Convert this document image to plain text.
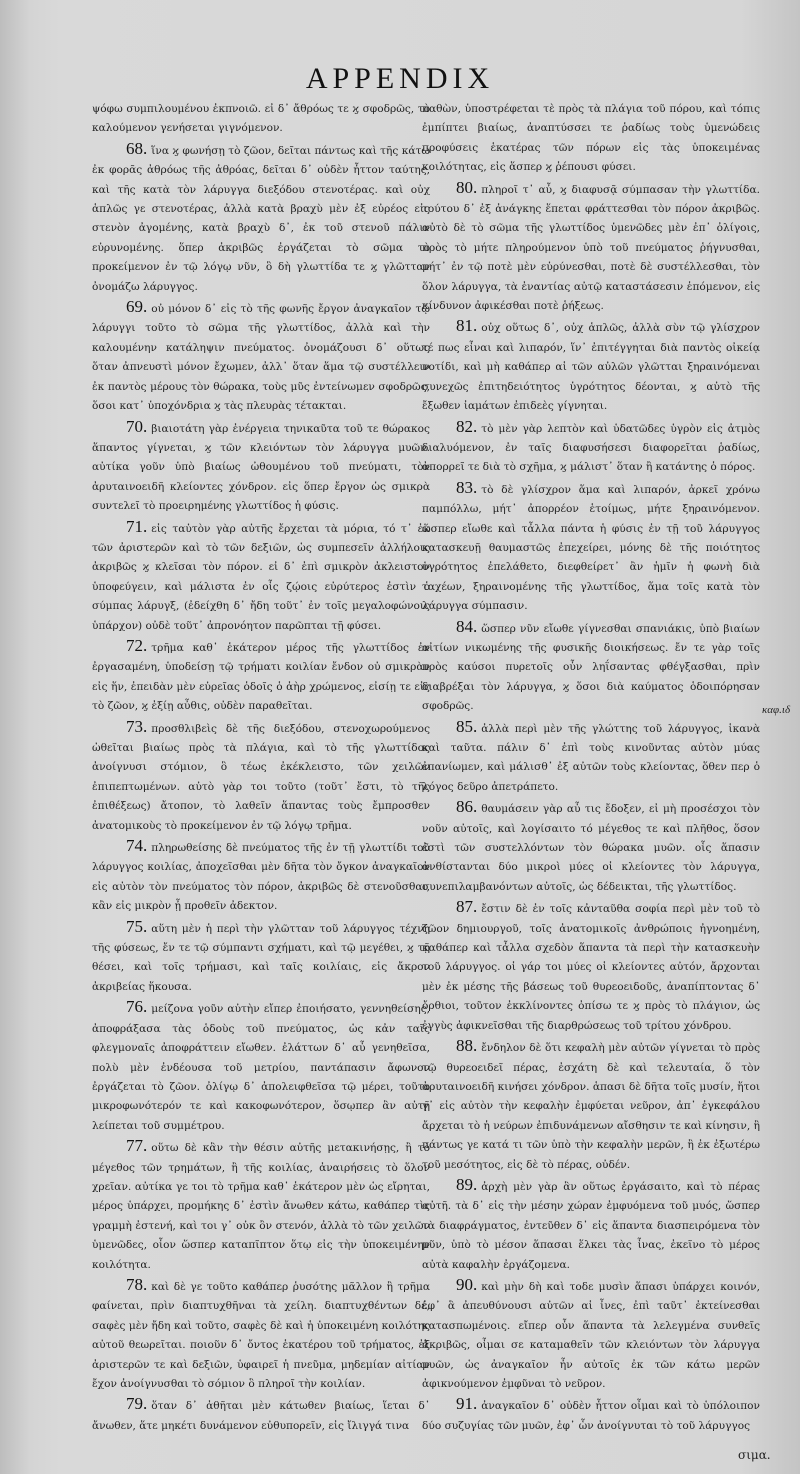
APPENDIX

ψόφω συμπιλουμένου ἐκπνοιῶ. εἰ δ᾽ ἄθρόως τε ϗ σφοδρῶς, τὸ καλούμενον γενήσεται γιγνόμενον.

68. ἵνα ϗ φωνήσῃ τὸ ζῶον, δεῖται πάντως καὶ τῆς κάτω ἐκ φορᾶς ἀθρόως τῆς ἀθρόας, δεῖται δ᾽ οὐδὲν ἧττον ταύτης, καὶ τῆς κατὰ τὸν λάρυγγα διεξόδου στενοτέρας. καὶ οὐχ ἁπλῶς γε στενοτέρας, ἀλλὰ κατὰ βραχὺ μὲν ἐξ εὐρέος εἰς στενὸν ἀγομένης, κατὰ βραχὺ δ᾽, ἐκ τοῦ στενοῦ πάλιν εὐρυνομένης. ὅπερ ἀκριβῶς ἐργάζεται τὸ σῶμα τὸ προκείμενον ἐν τῷ λόγῳ νῦν, ὃ δὴ γλωττίδα τε ϗ γλῶτταν ὀνομάζω λάρυγγος.

69. οὐ μόνον δ᾽ εἰς τὸ τῆς φωνῆς ἔργον ἀναγκαῖον τῷ λάρυγγι τοῦτο τὸ σῶμα τῆς γλωττίδος, ἀλλὰ καὶ τὴν καλουμένην κατάληψιν πνεύματος. ὀνομάζουσι δ᾽ οὕτως ὅταν ἀπνευστὶ μόνον ἔχωμεν, ἀλλ᾽ ὅταν ἅμα τῷ συστέλλειν ἐκ παντὸς μέρους τὸν θώρακα, τοὺς μῦς ἐντείνωμεν σφοδρῶς, ὅσοι κατ᾽ ὑποχόνδρια ϗ τὰς πλευρὰς τέτακται.

70. βιαιοτάτη γὰρ ἐνέργεια τηνικαῦτα τοῦ τε θώρακος ἅπαντος γίγνεται, ϗ τῶν κλειόντων τὸν λάρυγγα μυῶν. αὐτίκα γοῦν ὑπὸ βιαίως ὠθουμένου τοῦ πνεύματι, τὸν ἀρυταινοειδῆ κλείοντες χόνδρον. εἰς ὅπερ ἔργον ὡς σμικρὰ συντελεῖ τὸ προειρημένης γλωττίδος ἡ φύσις.

71. εἰς ταὐτὸν γὰρ αὐτῆς ἔρχεται τὰ μόρια, τό τ᾽ ἐκ τῶν ἀριστερῶν καὶ τὸ τῶν δεξιῶν, ὡς συμπεσεῖν ἀλλήλοις ἀκριβῶς ϗ κλεῖσαι τὸν πόρον. εἰ δ᾽ ἐπὶ σμικρὸν ἀκλειστον ὑποφεύγειν, καὶ μάλιστα ἐν οἷς ζῴοις εὐρύτερος ἐστὶν ὁ σύμπας λάρυγξ, (ἐδείχθη δ᾽ ἤδη τοῦτ᾽ ἐν τοῖς μεγαλοφώνοις ὑπάρχον) οὐδὲ τοῦτ᾽ ἀπρονόητον παρῶπται τῇ φύσει.

72. τρῆμα καθ᾽ ἑκάτερον μέρος τῆς γλωττίδος ἐν ἐργασαμένη, ὑποδείσῃ τῷ τρήματι κοιλίαν ἔνδον οὐ σμικρὰν εἰς ἥν, ἐπειδὰν μὲν εὐρεῖας ὁδοῖς ὁ ἀὴρ χρώμενος, εἰσίῃ τε εἰς τὸ ζῶον, ϗ ἐξίῃ αὖθις, οὐδὲν παραθεῖται.

73. προσθλιβεὶς δὲ τῆς διεξόδου, στενοχωρούμενος ὠθεῖται βιαίως πρὸς τὰ πλάγια, καὶ τὸ τῆς γλωττίδος ἀνοίγνυσι στόμιον, ὃ τέως ἐκέκλειστο, τῶν χειλῶν ἐπιπεπτωμένων. αὐτὸ γὰρ τοι τοῦτο (τοῦτ᾽ ἔστι, τὸ τῆς ἐπιθέξεως) ἄτοπον, τὸ λαθεῖν ἅπαντας τοὺς ἔμπροσθεν ἀνατομικοὺς τὸ προκείμενον ἐν τῷ λόγῳ τρῆμα.

74. πληρωθείσης δὲ πνεύματος τῆς ἐν τῇ γλωττίδι τοῦ λάρυγγος κοιλίας, ἀποχεῖσθαι μὲν δῆτα τὸν ὄγκον ἀναγκαῖον εἰς αὐτὸν τὸν πνεύματος τὸν πόρον, ἀκριβῶς δὲ στενοῦσθαι, κἂν εἰς μικρὸν ᾖ προθεῖν ἀδεκτον.

75. αὕτη μὲν ἡ περὶ τὴν γλῶτταν τοῦ λάρυγγος τέχνη τῆς φύσεως, ἔν τε τῷ σύμπαντι σχήματι, καὶ τῷ μεγέθει, ϗ τῇ θέσει, καὶ τοῖς τρήμασι, καὶ ταῖς κοιλίαις, εἰς ἄκρον ἀκριβείας ἥκουσα.

76. μείζονα γοῦν αὐτὴν εἴπερ ἐποιήσατο, γεννηθείσης, ἀποφράξασα τὰς ὁδοὺς τοῦ πνεύματος, ὡς κἀν ταῖς φλεγμοναῖς ἀποφράττειν εἴωθεν. ἐλάττων δ᾽ αὖ γενηθεῖσα, πολὺ μὲν ἐνδέουσα τοῦ μετρίου, παντάπασιν ἄφωνον ἐργάζεται τὸ ζῶον. ὀλίγῳ δ᾽ ἀπολειφθεῖσα τῷ μέρει, τοῦτο μικροφωνότερόν τε καὶ κακοφωνότερον, ὅσῳπερ ἂν αὐτῇ λείπεται τοῦ συμμέτρου.

77. οὕτω δὲ κἂν τὴν θέσιν αὐτῆς μετακινήσῃς, ἢ τὸ μέγεθος τῶν τρημάτων, ἢ τῆς κοιλίας, ἀναιρήσεις τὸ ὅλον χρεῖαν. αὐτίκα γε τοι τὸ τρῆμα καθ᾽ ἑκάτερον μὲν ὡς εἴρηται, μέρος ὑπάρχει, προμήκης δ᾽ ἐστὶν ἄνωθεν κάτω, καθάπερ τὶς γραμμὴ ἐστενή, καὶ τοι γ᾽ οὐκ ὂν στενόν, ἀλλὰ τὸ τῶν χειλῶν ὑμενῶδες, οἷον ὥσπερ καταπῖπτον ὅτῳ εἰς τὴν ὑποκειμένην κοιλότητα.

78. καὶ δὲ γε τοῦτο καθάπερ ῥυσότης μᾶλλον ἢ τρῆμα φαίνεται, πρὶν διαπτυχθῆναι τὰ χείλη. διαπτυχθέντων δέ, σαφὲς μὲν ἤδη καὶ τοῦτο, σαφὲς δὲ καὶ ἡ ὑποκειμένη κοιλότης αὐτοῦ θεωρεῖται. ποιοῦν δ᾽ ὄντος ἑκατέρου τοῦ τρήματος, ἐξ ἀριστερῶν τε καὶ δεξιῶν, ὑφαιρεῖ ἡ πνεῦμα, μηδεμίαν αἰτίαν ἔχον ἀνοίγνυσθαι τὸ σόμιον ὃ πληροῖ τὴν κοιλίαν.

79. ὅταν δ᾽ ἀθῆται μὲν κάτωθεν βιαίως, ἵεται δ᾽ ἄνωθεν, ἅτε μηκέτι δυνάμενον εὐθυπορεῖν, εἰς ἴλιγγά τινα

παθὼν, ὑποστρέφεται τὲ πρὸς τὰ πλάγια τοῦ πόρου, καὶ τόπις ἐμπίπτει βιαίως, ἀναπτύσσει τε ῥαδίως τοὺς ὑμενώδεις προφύσεις ἑκατέρας τῶν πόρων εἰς τὰς ὑποκειμένας κοιλότητας, εἰς ἅσπερ ϗ ῥέπουσι φύσει.

80. πληροῖ τ᾽ αὖ, ϗ διαφυσᾷ σύμπασαν τὴν γλωττίδα. τούτου δ᾽ ἐξ ἀνάγκης ἕπεται φράττεσθαι τὸν πόρον ἀκριβῶς. αὐτὸ δὲ τὸ σῶμα τῆς γλωττίδος ὑμενῶδες μὲν ἐπ᾽ ὀλίγοις, πρὸς τὸ μήτε πληρούμενον ὑπὸ τοῦ πνεύματος ῥήγνυσθαι, μήτ᾽ ἐν τῷ ποτὲ μὲν εὐρύνεσθαι, ποτὲ δὲ συστέλλεσθαι, τὸν ὅλον λάρυγγα, τὰ ἐναντίας αὐτῷ καταστάσεσιν ἑπόμενον, εἰς κίνδυνον ἀφικέσθαι ποτὲ ῥήξεως.

81. οὐχ οὕτως δ᾽, οὐχ ἁπλῶς, ἀλλὰ σὺν τῷ γλίσχρον τέ πως εἶναι καὶ λιπαρόν, ἵν᾽ ἐπιτέγγηται διὰ παντὸς οἰκείᾳ νοτίδι, καὶ μὴ καθάπερ αἱ τῶν αὐλῶν γλῶτται ξηραινόμεναι συνεχῶς ἐπιτηδειότητος ὑγρότητος δέονται, ϗ αὐτὸ τῆς ἔξωθεν ἰαμάτων ἐπιδεὲς γίγνηται.

82. τὸ μὲν γὰρ λεπτὸν καὶ ὑδατῶδες ὑγρὸν εἰς ἀτμὸς διαλυόμενον, ἐν ταῖς διαφυσήσεσι διαφορεῖται ῥαδίως, ἀπορρεῖ τε διὰ τὸ σχῆμα, ϗ μάλιστ᾽ ὅταν ἢ κατάντης ὁ πόρος.

83. τὸ δὲ γλίσχρον ἅμα καὶ λιπαρόν, ἀρκεῖ χρόνω παμπόλλω, μήτ᾽ ἀπορρέον ἑτοίμως, μήτε ξηραινόμενον. ὥσπερ εἴωθε καὶ τἆλλα πάντα ἡ φύσις ἐν τῇ τοῦ λάρυγγος κατασκευῇ θαυμαστῶς ἐπεχείρει, μόνης δὲ τῆς ποιότητος ὑγρότητος ἐπελάθετο, διεφθείρετ᾽ ἂν ἡμῖν ἡ φωνὴ διὰ ταχέων, ξηραινομένης τῆς γλωττίδος, ἅμα τοῖς κατὰ τὸν λάρυγγα σύμπασιν.

84. ὥσπερ νῦν εἴωθε γίγνεσθαι σπανιάκις, ὑπὸ βιαίων αἰτίων νικωμένης τῆς φυσικῆς διοικήσεως. ἔν τε γὰρ τοῖς πρὸς καύσοι πυρετοῖς οὖν ληΐσαντας φθέγξασθαι, πρὶν διαβρέξαι τὸν λάρυγγα, ϗ ὅσοι διὰ καύματος ὁδοιπόρησαν σφοδρῶς.

85. ἀλλὰ περὶ μὲν τῆς γλώττης τοῦ λάρυγγος, ἱκανὰ καὶ ταῦτα. πάλιν δ᾽ ἐπὶ τοὺς κινοῦντας αὐτὸν μύας ἐπανίωμεν, καὶ μάλισθ᾽ ἐξ αὐτῶν τοὺς κλείοντας, ὅθεν περ ὁ λόγος δεῦρο ἀπετράπετο.

86. θαυμάσειν γὰρ αὖ τις ἔδοξεν, εἰ μὴ προσέσχοι τὸν νοῦν αὐτοῖς, καὶ λογίσαιτο τό μέγεθος τε καὶ πλῆθος, ὅσον ἐστὶ τῶν συστελλόντων τὸν θώρακα μυῶν. οἷς ἅπασιν ἀνθίστανται δύο μικροὶ μύες οἱ κλείοντες τὸν λάρυγγα, συνεπιλαμβανόντων αὐτοῖς, ὡς δέδεικται, τῆς γλωττίδος.

87. ἔστιν δὲ ἐν τοῖς κἀνταῦθα σοφία περὶ μὲν τοῦ τὸ ζῶον δημιουργοῦ, τοῖς ἀνατομικοῖς ἀνθρώποις ἠγνοημένη, καθάπερ καὶ τἆλλα σχεδὸν ἅπαντα τὰ περὶ τὴν κατασκευὴν τοῦ λάρυγγος. οἱ γάρ τοι μύες οἱ κλείοντες αὐτόν, ἄρχονται μὲν ἐκ μέσης τῆς βάσεως τοῦ θυρεοειδοῦς, ἀναπίπτοντας δ᾽ ὄρθιοι, τοῦτον ἐκκλίνοντες ὀπίσω τε ϗ πρὸς τὸ πλάγιον, ὡς ἐγγὺς ἀφικνεῖσθαι τῆς διαρθρώσεως τοῦ τρίτου χόνδρου.

88. ἔνδηλον δὲ ὅτι κεφαλὴ μὲν αὐτῶν γίγνεται τὸ πρὸς τῷ θυρεοειδεῖ πέρας, ἐσχάτη δὲ καὶ τελευταία, ὅ τὸν ἀρυταινοειδῆ κινήσει χόνδρον. ἁπασι δὲ δῆτα τοῖς μυσίν, ἥτοι γ᾽ εἰς αὐτὸν τὴν κεφαλὴν ἐμφύεται νεῦρον, ἀπ᾽ ἐγκεφάλου ἄρχεται τὸ ἡ νεύρων ἐπιδυνάμενων αἴσθησιν τε καὶ κίνησιν, ἢ πάντως γε κατά τι τῶν ὑπὸ τὴν κεφαλὴν μερῶν, ἢ ἐκ ἐξωτέρω τοῦ μεσότητος, εἰς δὲ τὸ πέρας, οὐδέν.

89. ἀρχὴ μὲν γὰρ ἂν οὕτως ἐργάσαιτο, καὶ τὸ πέρας αὐτῆ. τὰ δ᾽ εἰς τὴν μέσην χώραν ἐμφυόμενα τοῦ μυός, ὥσπερ τὰ διαφράγματος, ἐντεῦθεν δ᾽ εἰς ἅπαντα διασπειρόμενα τὸν μῦν, ὑπὸ τὸ μέσον ἅπασαι ἕλκει τὰς ἶνας, ἐκεῖνο τὸ μέρος αὐτὰ καφαλὴν ἐργάζομενα.

90. καὶ μὴν δὴ καὶ τοδε μυσὶν ἅπασι ὑπάρχει κοινόν, ἐφ᾽ ἃ ἀπευθύνουσι αὐτῶν αἱ ἶνες, ἐπὶ ταῦτ᾽ ἐκτείνεσθαι κατασπωμένοις. εἴπερ οὖν ἅπαντα τὰ λελεγμένα συνθεῖς ἀκριβῶς, οἶμαι σε καταμαθεῖν τῶν κλειόντων τὸν λάρυγγα μυῶν, ὡς ἀναγκαῖον ἦν αὐτοῖς ἐκ τῶν κάτω μερῶν ἀφικνούμενον ἐμφῦναι τὸ νεῦρον.

91. ἀναγκαῖον δ᾽ οὐδὲν ἧττον οἶμαι καὶ τὸ ὑπόλοιπον δύο συζυγίας τῶν μυῶν, ἐφ᾽ ὧν ἀνοίγνυται τὸ τοῦ λάρυγγος

καφ.ιδ
σιμα.
